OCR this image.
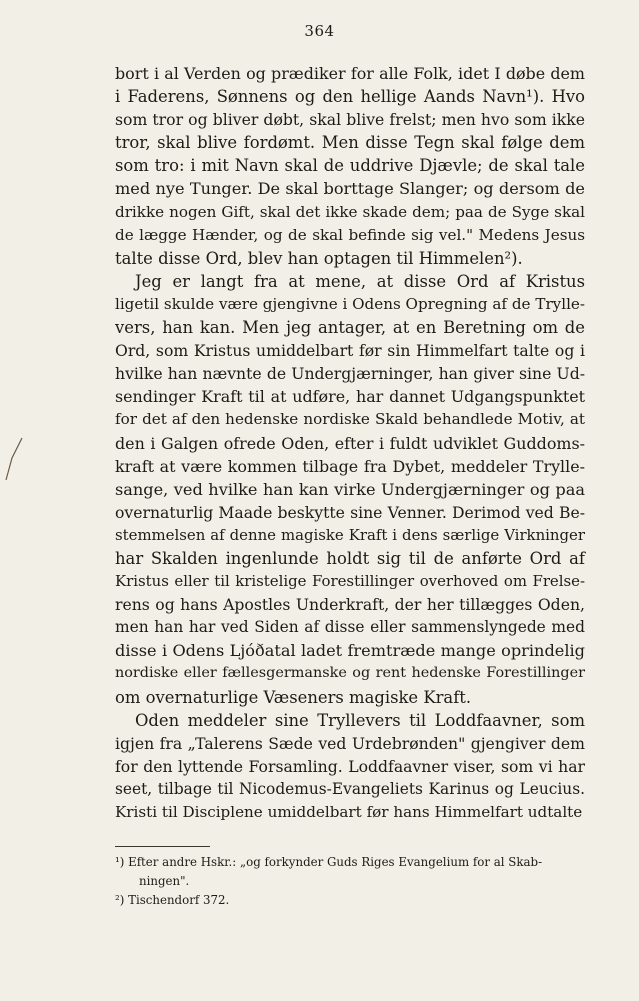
364
bort i al Verden og prædiker for alle Folk, idet I døbe dem
i Faderens, Sønnens og den hellige Aands Navn¹). Hvo
som tror og bliver døbt, skal blive frelst; men hvo som ikke
tror, skal blive fordømt. Men disse Tegn skal følge dem
som tro: i mit Navn skal de uddrive Djævle; de skal tale
med nye Tunger. De skal borttage Slanger; og dersom de
drikke nogen Gift, skal det ikke skade dem; paa de Syge skal
de lægge Hænder, og de skal befinde sig vel." Medens Jesus
talte disse Ord, blev han optagen til Himmelen²).
Jeg er langt fra at mene, at disse Ord af Kristus
ligetil skulde være gjengivne i Odens Opregning af de Trylle-
vers, han kan. Men jeg antager, at en Beretning om de
Ord, som Kristus umiddelbart før sin Himmelfart talte og i
hvilke han nævnte de Undergjærninger, han giver sine Ud-
sendinger Kraft til at udføre, har dannet Udgangspunktet
for det af den hedenske nordiske Skald behandlede Motiv, at
den i Galgen ofrede Oden, efter i fuldt udviklet Guddoms-
kraft at være kommen tilbage fra Dybet, meddeler Trylle-
sange, ved hvilke han kan virke Undergjærninger og paa
overnaturlig Maade beskytte sine Venner. Derimod ved Be-
stemmelsen af denne magiske Kraft i dens særlige Virkninger
har Skalden ingenlunde holdt sig til de anførte Ord af
Kristus eller til kristelige Forestillinger overhoved om Frelse-
rens og hans Apostles Underkraft, der her tillægges Oden,
men han har ved Siden af disse eller sammenslyngede med
disse i Odens Ljóðatal ladet fremtræde mange oprindelig
nordiske eller fællesgermanske og rent hedenske Forestillinger
om overnaturlige Væseners magiske Kraft.
Oden meddeler sine Tryllevers til Loddfaavner, som
igjen fra „Talerens Sæde ved Urdebrønden" gjengiver dem
for den lyttende Forsamling. Loddfaavner viser, som vi har
seet, tilbage til Nicodemus-Evangeliets Karinus og Leucius.
Kristi til Disciplene umiddelbart før hans Himmelfart udtalte
¹) Efter andre Hskr.: „og forkynder Guds Riges Evangelium for al Skab-
ningen".
²) Tischendorf 372.
